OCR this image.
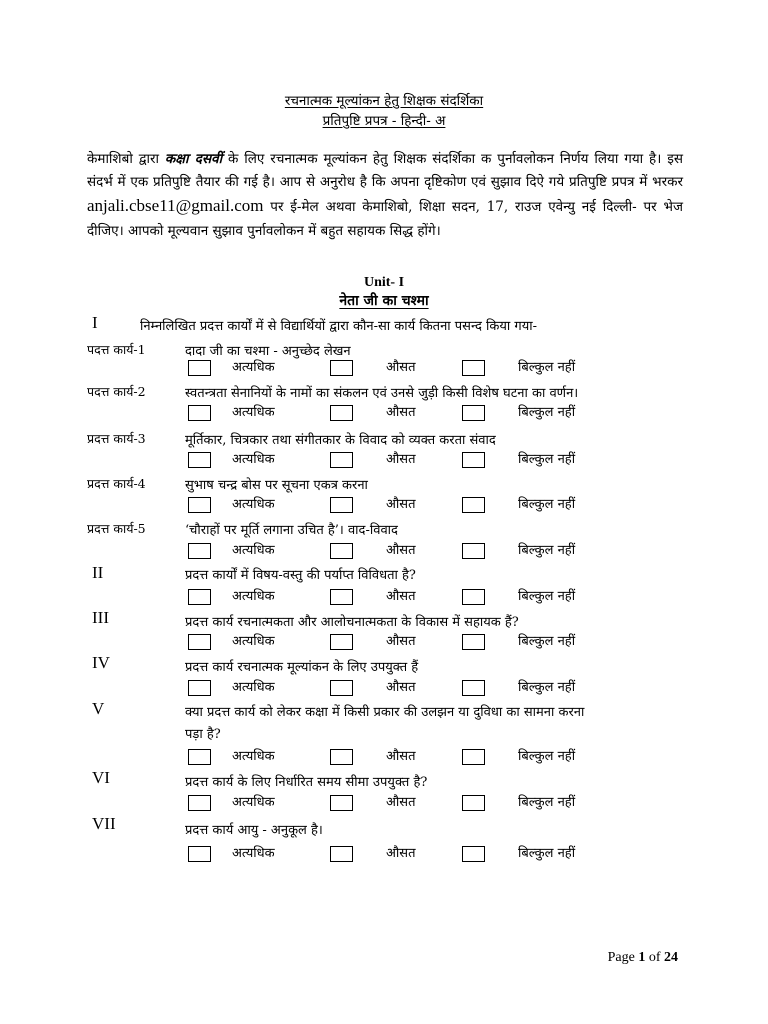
रचनात्मक मूल्यांकन हेतु शिक्षक संदर्शिका
प्रतिपुष्टि प्रपत्र - हिन्दी- अ
केमाशिबो द्वारा कक्षा दसवीं के लिए रचनात्मक मूल्यांकन हेतु शिक्षक संदर्शिका क पुर्नावलोकन निर्णय लिया गया है। इस संदर्भ में एक प्रतिपुष्टि तैयार की गई है। आप से अनुरोध है कि अपना दृष्टिकोण एवं सुझाव दिऐ गये प्रतिपुष्टि प्रपत्र में भरकर anjali.cbse11@gmail.com पर ई-मेल अथवा केमाशिबो, शिक्षा सदन, 17, राउज एवेन्यु नई दिल्ली- पर भेज दीजिए। आपको मूल्यवान सुझाव पुर्नावलोकन में बहुत सहायक सिद्ध होंगे।
Unit- I
नेता जी का चश्मा
I	निम्नलिखित प्रदत्त कार्यों में से विद्यार्थियों द्वारा कौन-सा कार्य कितना पसन्द किया गया-
पदत्त कार्य-1	दादा जी का चश्मा - अनुच्छेद लेखन
अत्यधिक	औसत	बिल्कुल नहीं
पदत्त कार्य-2	स्वतन्त्रता सेनानियों के नामों का संकलन एवं उनसे जुड़ी किसी विशेष घटना का वर्णन।
अत्यधिक	औसत	बिल्कुल नहीं
प्रदत्त कार्य-3	मूर्तिकार, चित्रकार तथा संगीतकार के विवाद को व्यक्त करता संवाद
अत्यधिक	औसत	बिल्कुल नहीं
प्रदत्त कार्य-4	सुभाष चन्द्र बोस पर सूचना एकत्र करना
अत्यधिक	औसत	बिल्कुल नहीं
प्रदत्त कार्य-5	‘चौराहों पर मूर्ति लगाना उचित है’। वाद-विवाद
अत्यधिक	औसत	बिल्कुल नहीं
II	प्रदत्त कार्यों में विषय-वस्तु की पर्याप्त विविधता है?
अत्यधिक	औसत	बिल्कुल नहीं
III	प्रदत्त कार्य रचनात्मकता और आलोचनात्मकता के विकास में सहायक हैं?
अत्यधिक	औसत	बिल्कुल नहीं
IV	प्रदत्त कार्य रचनात्मक मूल्यांकन के लिए उपयुक्त हैं
अत्यधिक	औसत	बिल्कुल नहीं
V	क्या प्रदत्त कार्य को लेकर कक्षा में किसी प्रकार की उलझन या दुविधा का सामना करना
पड़ा है?
अत्यधिक	औसत	बिल्कुल नहीं
VI	प्रदत्त कार्य के लिए निर्धारित समय सीमा उपयुक्त है?
अत्यधिक	औसत	बिल्कुल नहीं
VII	प्रदत्त कार्य आयु - अनुकूल है।
अत्यधिक	औसत	बिल्कुल नहीं
Page 1 of 24
